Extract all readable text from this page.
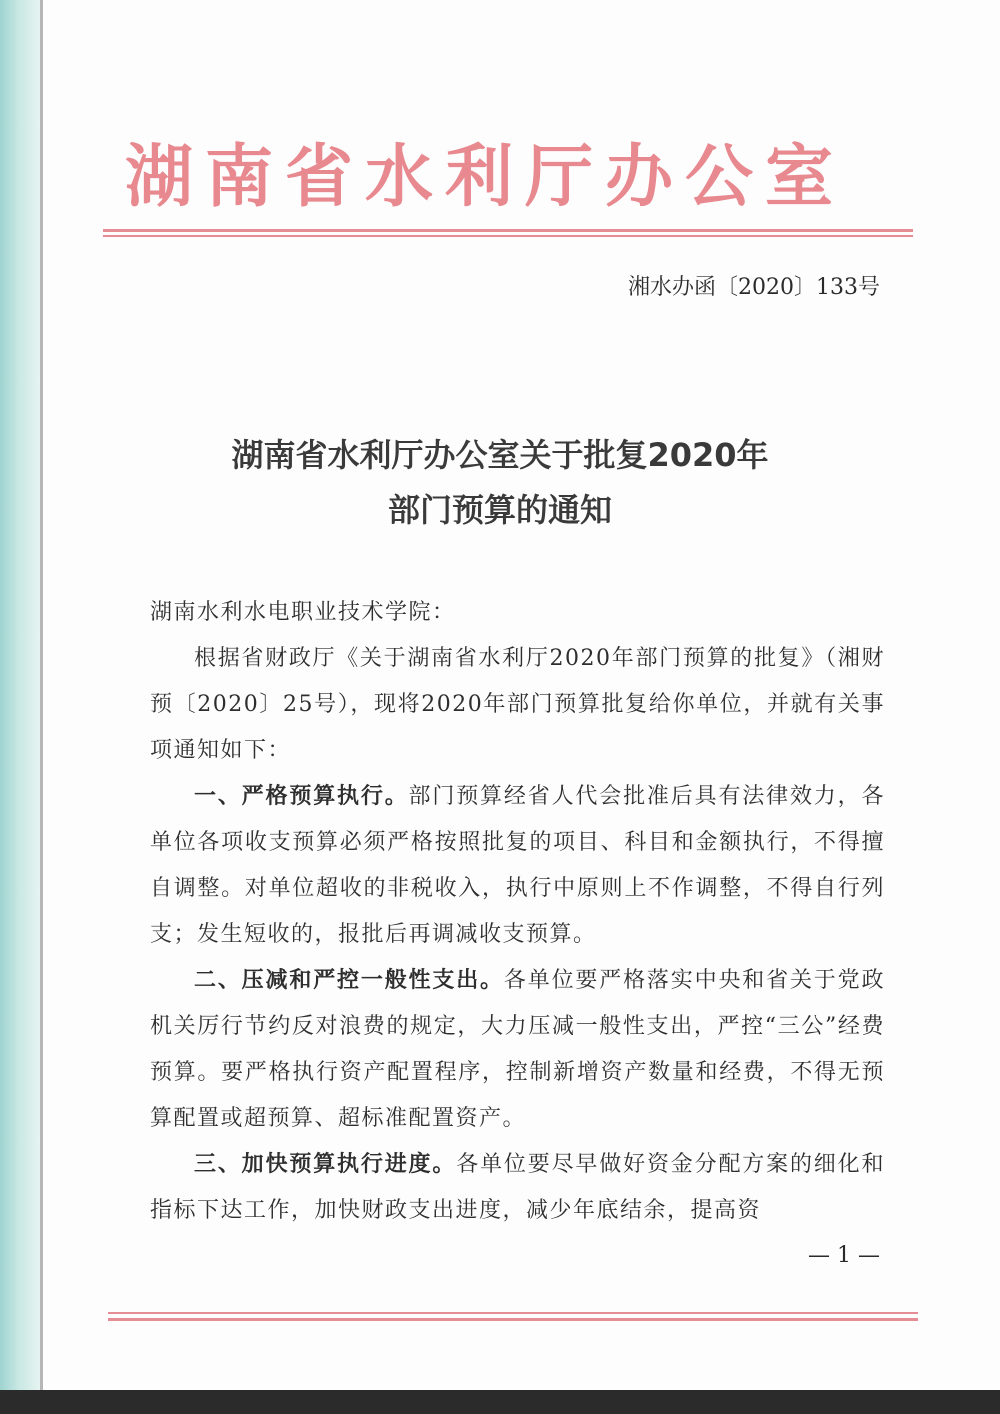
湖南省水利厅办公室
湘水办函〔2020〕133号
湖南省水利厅办公室关于批复2020年
部门预算的通知

湖南水利水电职业技术学院：

根据省财政厅《关于湖南省水利厅2020年部门预算的批复》（湘财预〔2020〕25号），现将2020年部门预算批复给你单位，并就有关事项通知如下：

一、严格预算执行。部门预算经省人代会批准后具有法律效力，各单位各项收支预算必须严格按照批复的项目、科目和金额执行，不得擅自调整。对单位超收的非税收入，执行中原则上不作调整，不得自行列支；发生短收的，报批后再调减收支预算。

二、压减和严控一般性支出。各单位要严格落实中央和省关于党政机关厉行节约反对浪费的规定，大力压减一般性支出，严控“三公”经费预算。要严格执行资产配置程序，控制新增资产数量和经费，不得无预算配置或超预算、超标准配置资产。

三、加快预算执行进度。各单位要尽早做好资金分配方案的细化和指标下达工作，加快财政支出进度，减少年底结余，提高资

— 1 —
